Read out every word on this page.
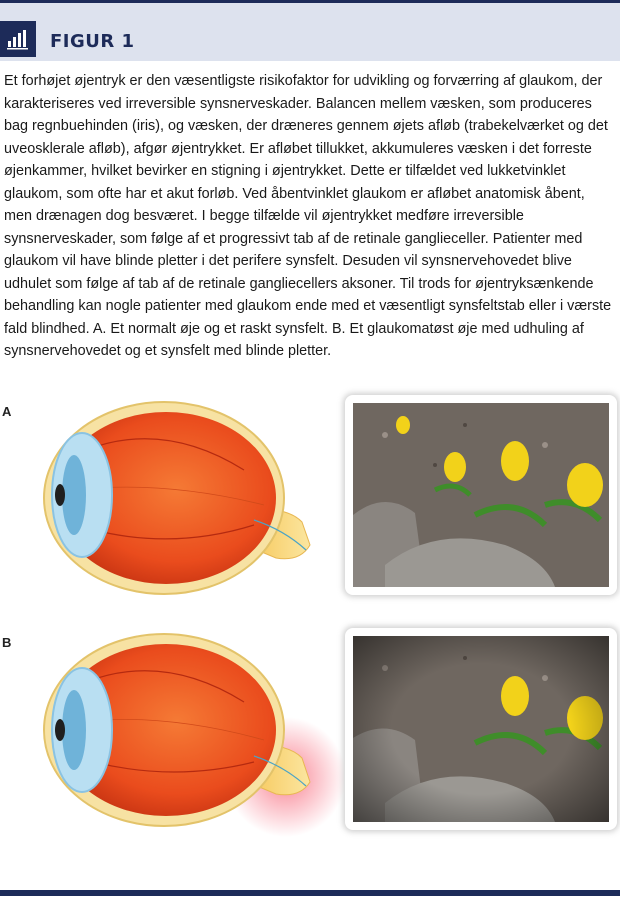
FIGUR 1

Et forhøjet øjentryk er den væsentligste risikofaktor for udvikling og forværring af glaukom, der karakteriseres ved irreversible synsnerveskader. Balancen mellem væsken, som produceres bag regnbuehinden (iris), og væsken, der dræneres gennem øjets afløb (trabekelværket og det uveosklerale afløb), afgør øjentrykket. Er afløbet tillukket, akkumuleres væsken i det forreste øjenkammer, hvilket bevirker en stigning i øjentrykket. Dette er tilfældet ved lukketvinklet glaukom, som ofte har et akut forløb. Ved åbentvinklet glaukom er afløbet anatomisk åbent, men drænagen dog besværet. I begge tilfælde vil øjentrykket medføre irreversible synsnerveskader, som følge af et progressivt tab af de retinale ganglieceller. Patienter med glaukom vil have blinde pletter i det perifere synsfelt. Desuden vil synsnervehovedet blive udhulet som følge af tab af de retinale gangliecellers aksoner. Til trods for øjentryksænkende behandling kan nogle patienter med glaukom ende med et væsentligt synsfeltstab eller i værste fald blindhed. A. Et normalt øje og et raskt synsfelt. B. Et glaukomatøst øje med udhuling af synsnervehovedet og et synsfelt med blinde pletter.

A
B
